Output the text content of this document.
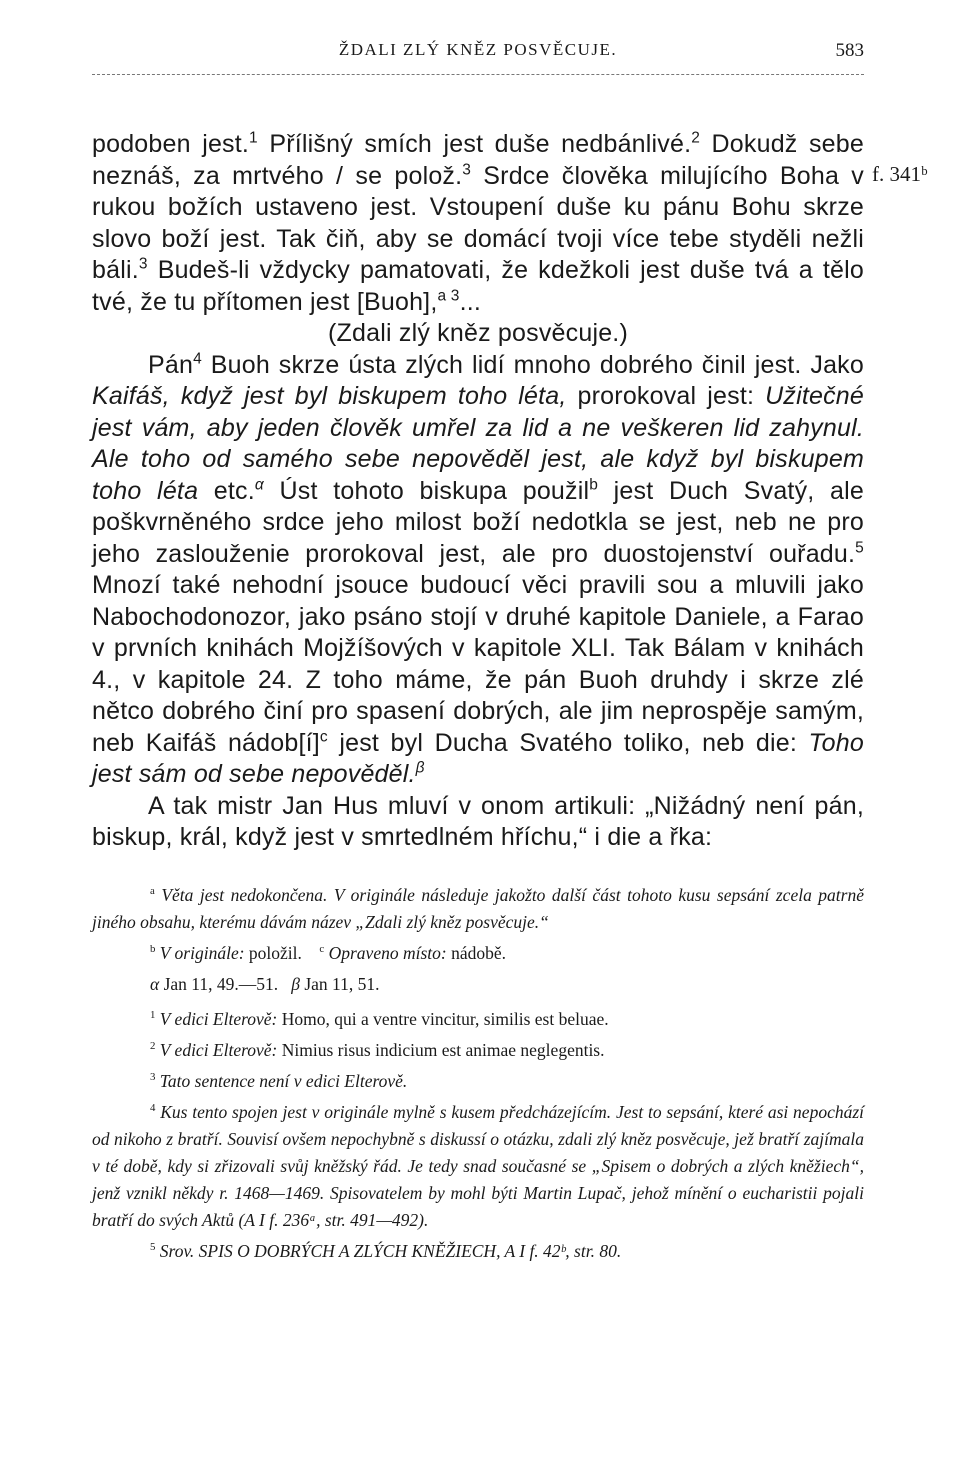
ŽDALI ZLÝ KNĚZ POSVĚCUJE.	583

podoben jest.$^1$ Přílišný smích jest duše nedbánlivé.$^2$ Dokudž sebe neznáš, za mrtvého / se polož.$^3$ Srdce člověka milujícího Boha v rukou božích ustaveno jest. Vstoupení duše ku pánu Bohu skrze slovo boží jest. Tak čiň, aby se domácí tvoji více tebe styděli nežli báli.$^3$ Budeš-li vždycky pamatovati, že kdežkoli jest duše tvá a tělo tvé, že tu přítomen jest [Buoh],$^{a 3}$...

(Zdali zlý kněz posvěcuje.)

Pán$^4$ Buoh skrze ústa zlých lidí mnoho dobrého činil jest. Jako Kaifáš, když jest byl biskupem toho léta, prorokoval jest: Užitečné jest vám, aby jeden člověk umřel za lid a ne veškeren lid zahynul. Ale toho od samého sebe nepověděl jest, ale když byl biskupem toho léta etc.$^\alpha$ Úst tohoto biskupa použil$^b$ jest Duch Svatý, ale poškvrněného srdce jeho milost boží nedotkla se jest, neb ne pro jeho zaslouženie prorokoval jest, ale pro duostojenství ouřadu.$^5$ Mnozí také nehodní jsouce budoucí věci pravili sou a mluvili jako Nabochodonozor, jako psáno stojí v druhé kapitole Daniele, a Farao v prvních knihách Mojžíšových v kapitole XLI. Tak Bálam v knihách 4., v kapitole 24. Z toho máme, že pán Buoh druhdy i skrze zlé nětco dobrého činí pro spasení dobrých, ale jim neprospěje samým, neb Kaifáš nádob[í]$^c$ jest byl Ducha Svatého toliko, neb die: Toho jest sám od sebe nepověděl.$^\beta$

A tak mistr Jan Hus mluví v onom artikuli: „Nižádný není pán, biskup, král, když jest v smrtedlném hříchu,“ i die a řka:

$^a$ Věta jest nedokončena. V originále následuje jakožto další část tohoto kusu sepsání zcela patrně jiného obsahu, kterému dávám název „Zdali zlý kněz posvěcuje.“

$^b$ V originále: položil. $^c$ Opraveno místo: nádobě.

α Jan 11, 49.—51. β Jan 11, 51.

$^1$ V edici Elterově: Homo, qui a ventre vincitur, similis est beluae.

$^2$ V edici Elterově: Nimius risus indicium est animae neglegentis.

$^3$ Tato sentence není v edici Elterově.

$^4$ Kus tento spojen jest v originále mylně s kusem předcházejícím. Jest to sepsání, které asi nepochází od nikoho z bratří. Souvisí ovšem nepochybně s diskussí o otázku, zdali zlý kněz posvěcuje, jež bratří zajímala v té době, kdy si zřizovali svůj kněžský řád. Je tedy snad současné se „Spisem o dobrých a zlých kněžiech“, jenž vznikl někdy r. 1468—1469. Spisovatelem by mohl býti Martin Lupač, jehož mínění o eucharistii pojali bratří do svých Aktů (A I f. 236ᵃ, str. 491—492).

$^5$ Srov. SPIS O DOBRÝCH A ZLÝCH KNĚŽIECH, A I f. 42ᵇ, str. 80.

f. 341ᵇ
